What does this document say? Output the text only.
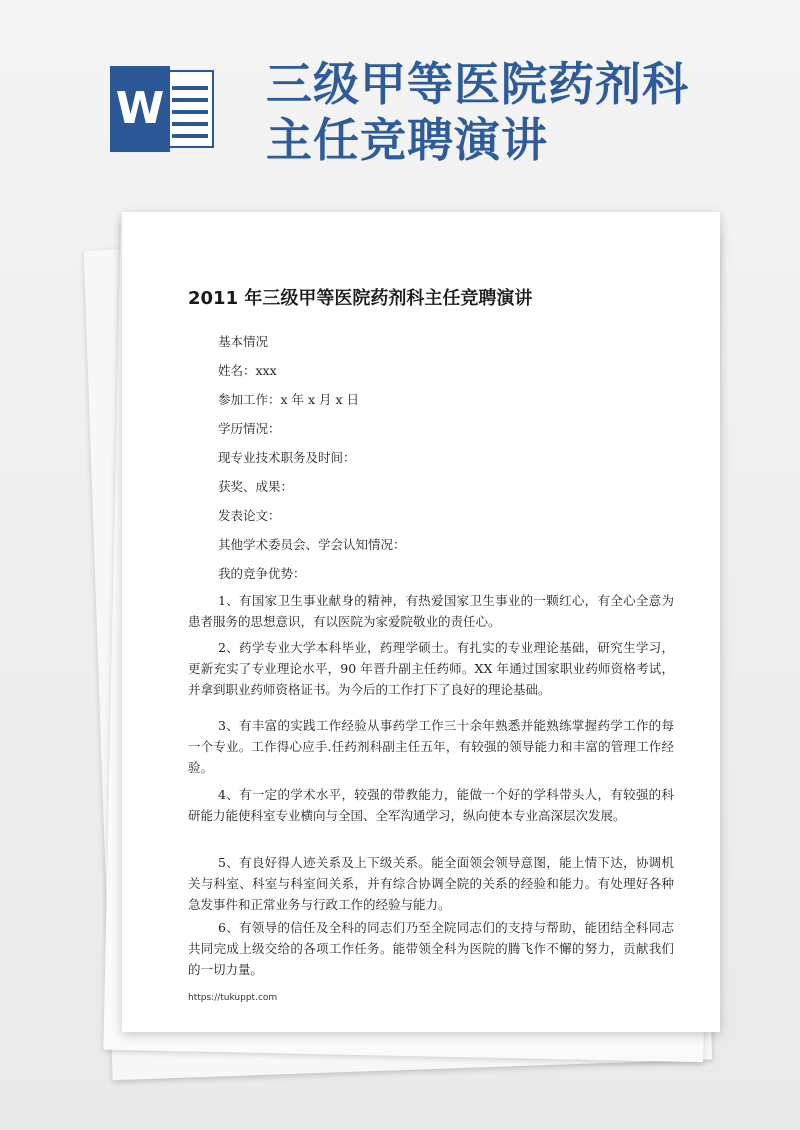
W 三级甲等医院药剂科主任竞聘演讲
2011 年三级甲等医院药剂科主任竞聘演讲

基本情况

姓名：xxx

参加工作：x 年 x 月 x 日

学历情况：

现专业技术职务及时间：

获奖、成果：

发表论文：

其他学术委员会、学会认知情况：

我的竞争优势：

1、有国家卫生事业献身的精神，有热爱国家卫生事业的一颗红心，有全心全意为患者服务的思想意识，有以医院为家爱院敬业的责任心。

2、药学专业大学本科毕业，药理学硕士。有扎实的专业理论基础，研究生学习，更新充实了专业理论水平，90 年晋升副主任药师。XX 年通过国家职业药师资格考试，并拿到职业药师资格证书。为今后的工作打下了良好的理论基础。

3、有丰富的实践工作经验从事药学工作三十余年熟悉并能熟练掌握药学工作的每一个专业。工作得心应手.任药剂科副主任五年，有较强的领导能力和丰富的管理工作经验。

4、有一定的学术水平，较强的带教能力，能做一个好的学科带头人，有较强的科研能力能使科室专业横向与全国、全军沟通学习，纵向使本专业高深层次发展。

5、有良好得人迹关系及上下级关系。能全面领会领导意图，能上情下达，协调机关与科室、科室与科室间关系，并有综合协调全院的关系的经验和能力。有处理好各种急发事件和正常业务与行政工作的经验与能力。

6、有领导的信任及全科的同志们乃至全院同志们的支持与帮助，能团结全科同志共同完成上级交给的各项工作任务。能带领全科为医院的腾飞作不懈的努力，贡献我们的一切力量。

https://tukuppt.com
